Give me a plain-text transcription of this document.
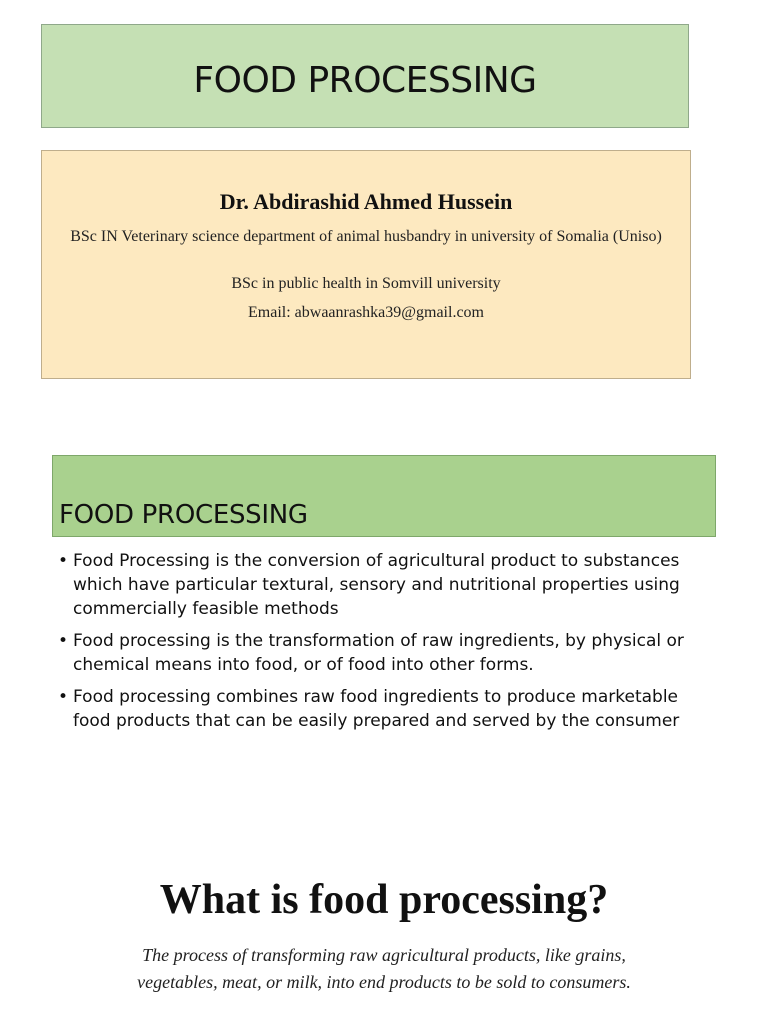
FOOD PROCESSING
Dr. Abdirashid Ahmed Hussein
BSc IN Veterinary science department of animal husbandry in university of Somalia (Uniso)
BSc in public health in Somvill university
Email: abwaanrashka39@gmail.com
FOOD PROCESSING
• Food Processing is the conversion of agricultural product to substances which have particular textural, sensory and nutritional properties using commercially feasible methods
• Food processing is the transformation of raw ingredients, by physical or chemical means into food, or of food into other forms.
• Food processing combines raw food ingredients to produce marketable food products that can be easily prepared and served by the consumer
What is food processing?
The process of transforming raw agricultural products, like grains, vegetables, meat, or milk, into end products to be sold to consumers.
